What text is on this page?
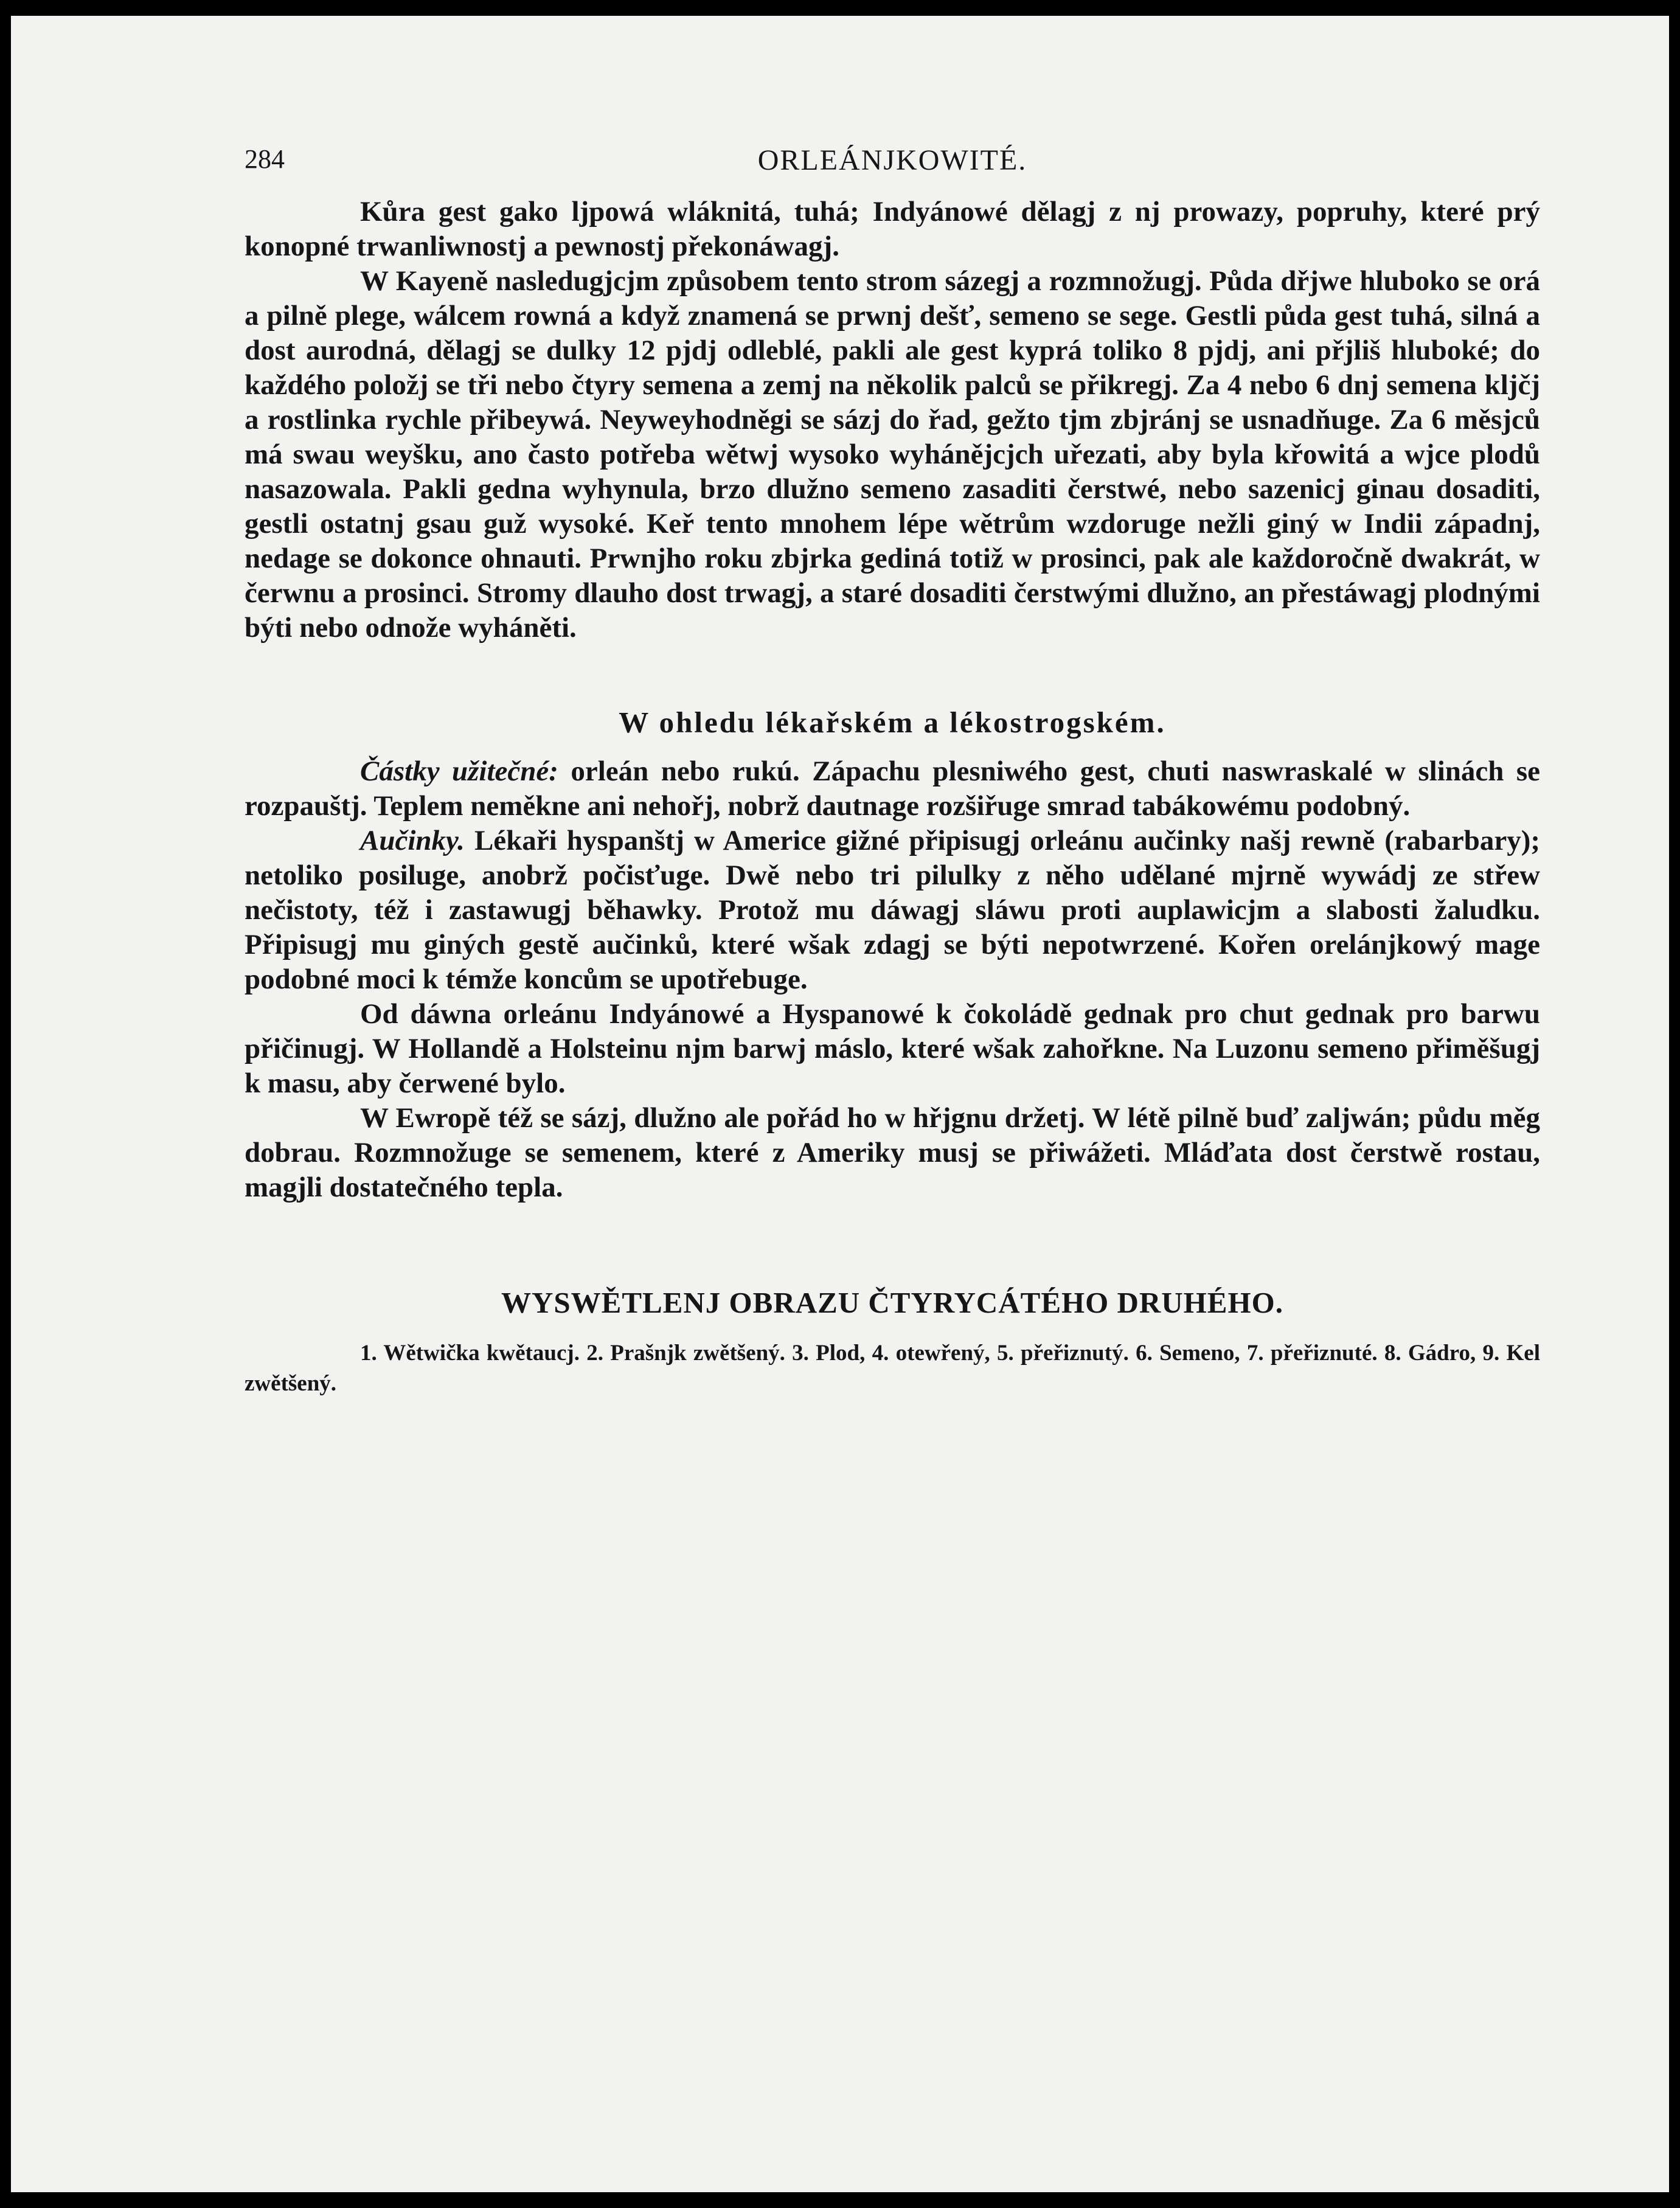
284	ORLEÁNJKOWITÉ.

Kůra gest gako ljpowá wláknitá, tuhá; Indyánowé dělagj z nj prowazy, popruhy, které prý konopné trwanliwnostj a pewnostj překonáwagj.

W Kayeně nasledugjcjm způsobem tento strom sázegj a rozmnožugj. Půda dřjwe hluboko se orá a pilně plege, wálcem rowná a když znamená se prwnj dešť, semeno se sege. Gestli půda gest tuhá, silná a dost aurodná, dělagj se dulky 12 pjdj odleblé, pakli ale gest kyprá toliko 8 pjdj, ani přjliš hluboké; do každého položj se tři nebo čtyry semena a zemj na několik palců se přikregj. Za 4 nebo 6 dnj semena kljčj a rostlinka rychle přibeywá. Neyweyhodněgi se sázj do řad, gežto tjm zbjránj se usnadňuge. Za 6 měsjců má swau weyšku, ano často potřeba wětwj wysoko wyhánějcjch uřezati, aby byla křowitá a wjce plodů nasazowala. Pakli gedna wyhynula, brzo dlužno semeno zasaditi čerstwé, nebo sazenicj ginau dosaditi, gestli ostatnj gsau guž wysoké. Keř tento mnohem lépe wětrům wzdoruge nežli giný w Indii západnj, nedage se dokonce ohnauti. Prwnjho roku zbjrka gediná totiž w prosinci, pak ale každoročně dwakrát, w čerwnu a prosinci. Stromy dlauho dost trwagj, a staré dosaditi čerstwými dlužno, an přestáwagj plodnými býti nebo odnože wyháněti.

W ohledu lékařském a lékostrogském.

Částky užitečné: orleán nebo rukú. Zápachu plesniwého gest, chuti naswraskalé w slinách se rozpauštj. Teplem neměkne ani nehořj, nobrž dautnage rozšiřuge smrad tabákowému podobný.

Aučinky. Lékaři hyspanštj w Americe gižné připisugj orleánu aučinky našj rewně (rabarbary); netoliko posiluge, anobrž počisťuge. Dwě nebo tri pilulky z něho udělané mjrně wywádj ze střew nečistoty, též i zastawugj běhawky. Protož mu dáwagj sláwu proti auplawicjm a slabosti žaludku. Připisugj mu giných gestě aučinků, které wšak zdagj se býti nepotwrzené. Kořen orelánjkowý mage podobné moci k témže koncům se upotřebuge.

Od dáwna orleánu Indyánowé a Hyspanowé k čokoládě gednak pro chut gednak pro barwu přičinugj. W Hollandě a Holsteinu njm barwj máslo, které wšak zahořkne. Na Luzonu semeno přiměšugj k masu, aby čerwené bylo.

W Ewropě též se sázj, dlužno ale pořád ho w hřjgnu držetj. W létě pilně buď zaljwán; půdu měg dobrau. Rozmnožuge se semenem, které z Ameriky musj se přiwážeti. Mláďata dost čerstwě rostau, magjli dostatečného tepla.

WYSWĚTLENJ OBRAZU ČTYRYCÁTÉHO DRUHÉHO.

1. Wětwička kwětaucj. 2. Prašnjk zwětšený. 3. Plod, 4. otewřený, 5. přeřiznutý. 6. Semeno, 7. přeřiznuté. 8. Gádro, 9. Kel zwětšený.
